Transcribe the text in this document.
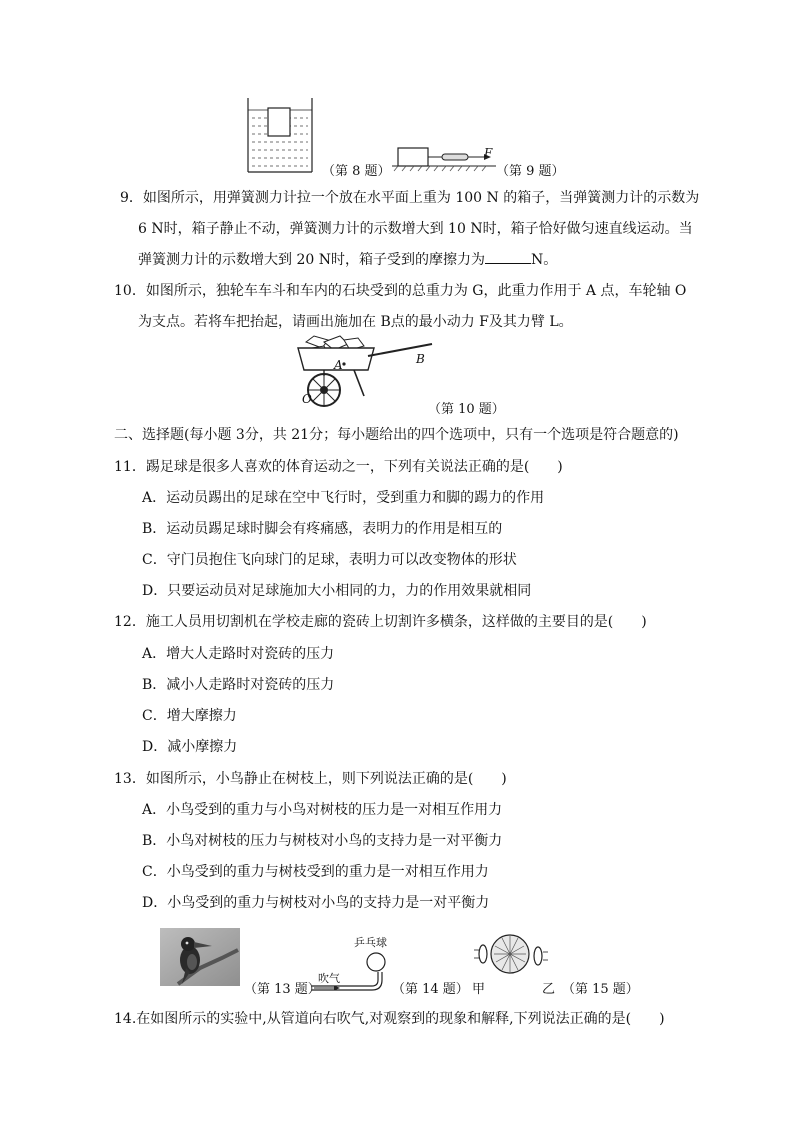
（第 8 题）
F
（第 9 题）
9．如图所示，用弹簧测力计拉一个放在水平面上重为 100 N 的箱子，当弹簧测力计的示数为
6 N时，箱子静止不动，弹簧测力计的示数增大到 10 N时，箱子恰好做匀速直线运动。当
弹簧测力计的示数增大到 20 N时，箱子受到的摩擦力为	N。
10．如图所示，独轮车车斗和车内的石块受到的总重力为 G，此重力作用于 A 点，车轮轴 O
为支点。若将车把抬起，请画出施加在 B点的最小动力 F及其力臂 L。
A	B
O
（第 10 题）
二、选择题(每小题 3分，共 21分；每小题给出的四个选项中，只有一个选项是符合题意的)
11．踢足球是很多人喜欢的体育运动之一，下列有关说法正确的是(　　)
A．运动员踢出的足球在空中飞行时，受到重力和脚的踢力的作用
B．运动员踢足球时脚会有疼痛感，表明力的作用是相互的
C．守门员抱住飞向球门的足球，表明力可以改变物体的形状
D．只要运动员对足球施加大小相同的力，力的作用效果就相同
12．施工人员用切割机在学校走廊的瓷砖上切割许多横条，这样做的主要目的是(　　)
A．增大人走路时对瓷砖的压力
B．减小人走路时对瓷砖的压力
C．增大摩擦力
D．减小摩擦力
13．如图所示，小鸟静止在树枝上，则下列说法正确的是(　　)
A．小鸟受到的重力与小鸟对树枝的压力是一对相互作用力
B．小鸟对树枝的压力与树枝对小鸟的支持力是一对平衡力
C．小鸟受到的重力与树枝受到的重力是一对相互作用力
D．小鸟受到的重力与树枝对小鸟的支持力是一对平衡力
（第 13 题）
乒乓球
吹气
（第 14 题） 甲	乙 （第 15 题）
14.在如图所示的实验中,从管道向右吹气,对观察到的现象和解释,下列说法正确的是(　　)
